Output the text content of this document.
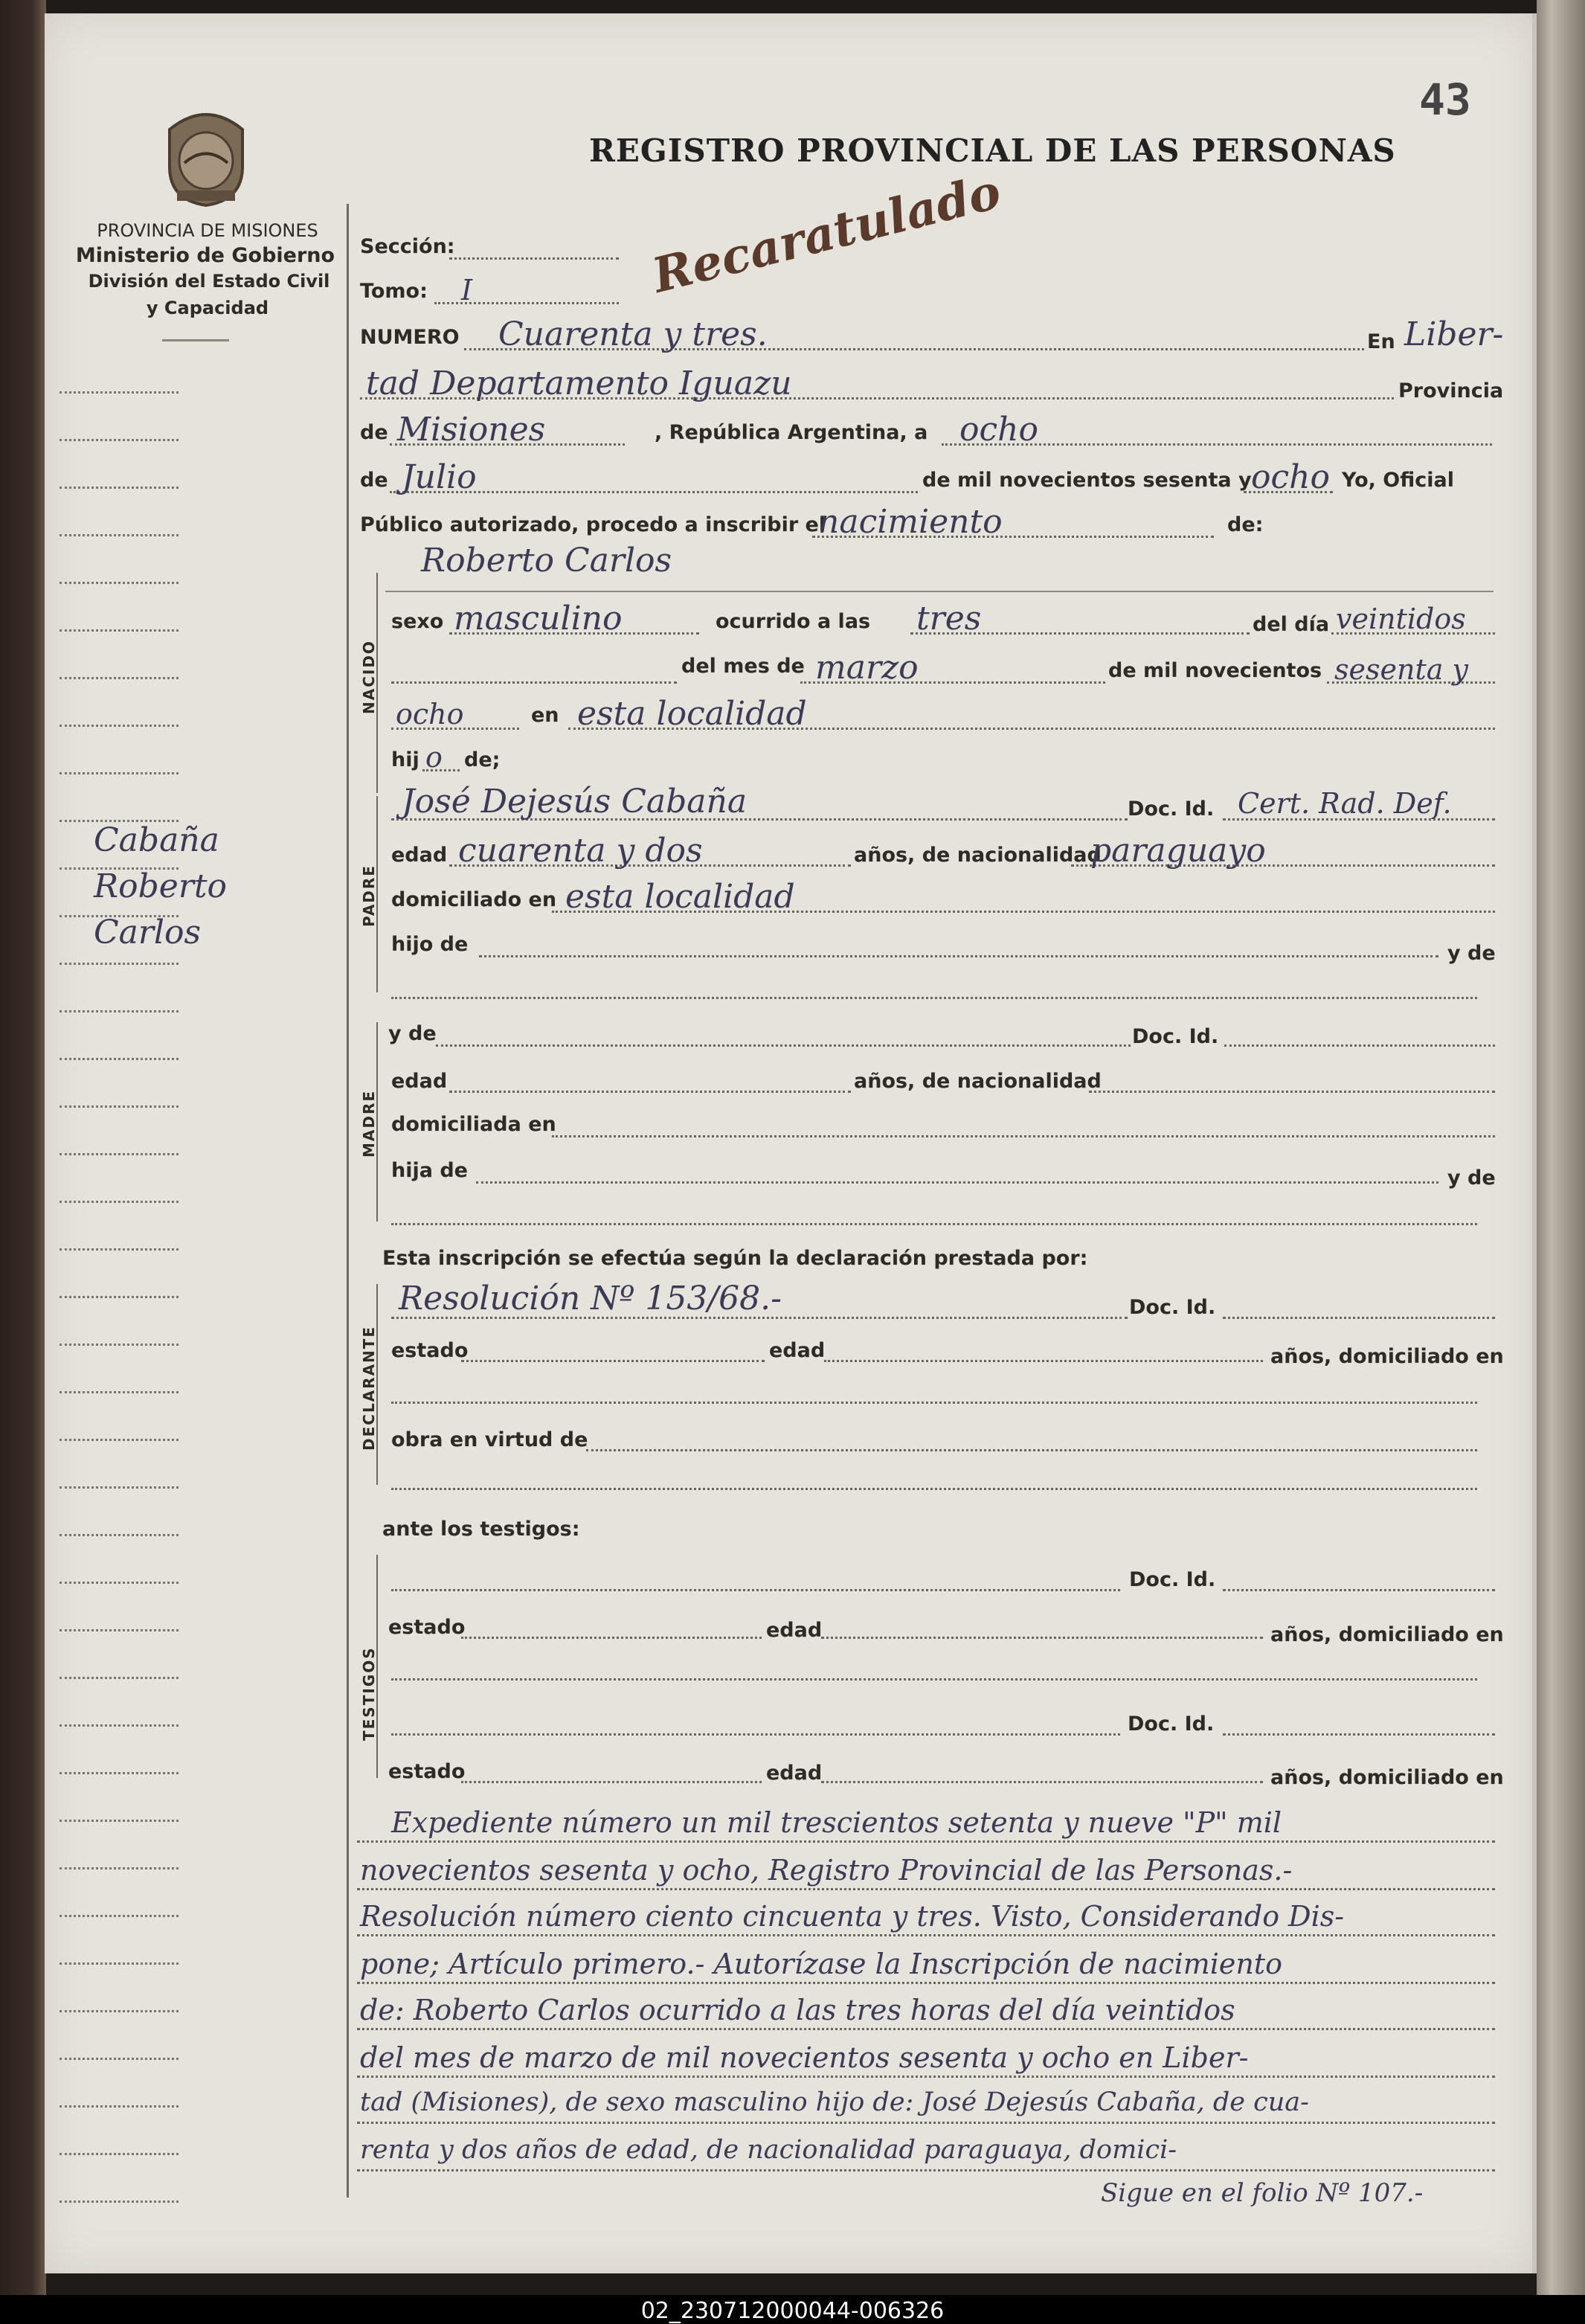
43
REGISTRO PROVINCIAL DE LAS PERSONAS
Recaratulado
PROVINCIA DE MISIONES
Ministerio de Gobierno
División del Estado Civil
y Capacidad
Cabaña
Roberto
Carlos
Sección:
Tomo: I
NUMERO Cuarenta y tres.	En Liber-
tad Departamento Iguazu	Provincia
de Misiones	, República Argentina, a ocho
de Julio	de mil novecientos sesenta y ocho Yo, Oficial
Público autorizado, procedo a inscribir el
nacimiento	de:
NACIDO
Roberto Carlos
sexo masculino	ocurrido a las tres	del día veintidos
del mes de marzo	de mil novecientos sesenta y
ocho	en esta localidad
hij o de;
PADRE
José Dejesús Cabaña	Doc. Id. Cert. Rad. Def.
edad cuarenta y dos	años, de nacionalidad
paraguayo
domiciliado en esta localidad
hijo de	y de
MADRE
y de	Doc. Id.
edad	años, de nacionalidad
domiciliada en
hija de	y de
Esta inscripción se efectúa según la declaración prestada por:
DECLARANTE
Resolución Nº 153/68.-	Doc. Id.
estado	edad	años, domiciliado en
obra en virtud de
ante los testigos:
TESTIGOS
Doc. Id.
estado	edad	años, domiciliado en
Doc. Id.
estado	edad	años, domiciliado en
Expediente número un mil trescientos setenta y nueve "P" mil
novecientos sesenta y ocho, Registro Provincial de las Personas.-
Resolución número ciento cincuenta y tres. Visto, Considerando Dis-
pone; Artículo primero.- Autorízase la Inscripción de nacimiento
de: Roberto Carlos ocurrido a las tres horas del día veintidos
del mes de marzo de mil novecientos sesenta y ocho en Liber-
tad (Misiones), de sexo masculino hijo de: José Dejesús Cabaña, de cua-
renta y dos años de edad, de nacionalidad paraguaya, domici-
Sigue en el folio Nº 107.-
02_230712000044-006326
